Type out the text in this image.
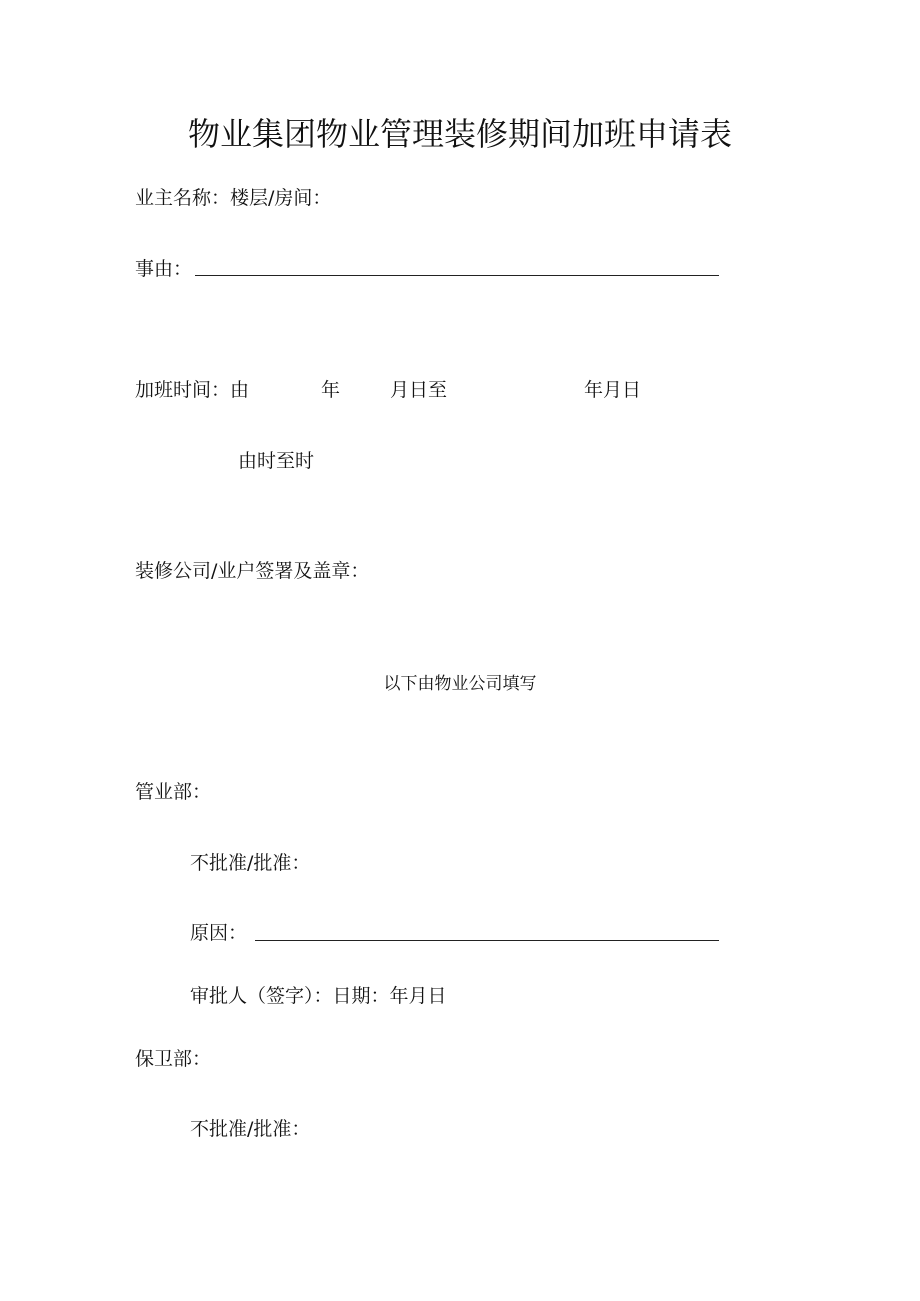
物业集团物业管理装修期间加班申请表
业主名称：楼层/房间：
事由：
加班时间：由	年	月日至	年月日
由时至时
装修公司/业户签署及盖章：
以下由物业公司填写
管业部：
不批准/批准：
原因：
审批人（签字）：日期：年月日
保卫部：
不批准/批准：
